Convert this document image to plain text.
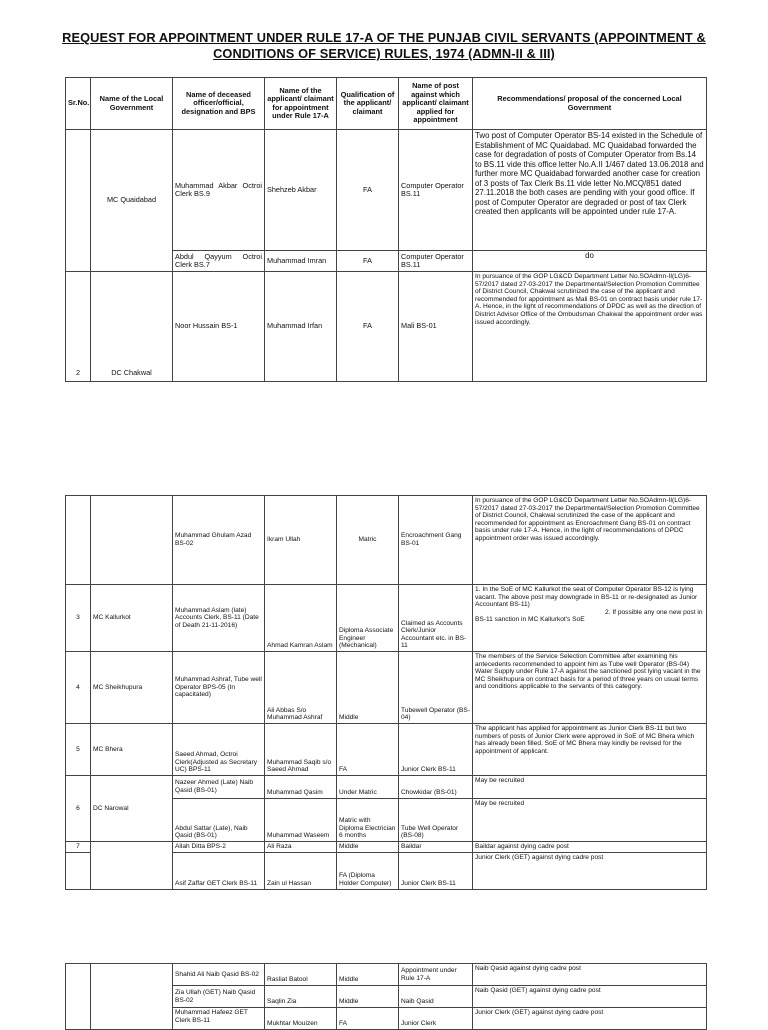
REQUEST FOR APPOINTMENT UNDER RULE 17-A OF THE PUNJAB CIVIL SERVANTS (APPOINTMENT &
CONDITIONS OF SERVICE) RULES, 1974 (ADMN-II & III)
Sr.No.	Name of the Local Government	Name of deceased officer/official, designation and BPS	Name of the applicant/ claimant for appointment under Rule 17-A	Qualification of the applicant/ claimant	Name of post against which applicant/ claimant applied for appointment	Recommendations/ proposal of the concerned Local Government
	MC Quaidabad	Muhammad Akbar Octroi Clerk BS.9	Shehzeb Akbar	FA	Computer Operator BS.11	Two post of Computer Operator BS-14 existed in the Schedule of Establishment of MC Quaidabad. MC Quaidabad forwarded the case for degradation of posts of Computer Operator from Bs.14 to BS.11 vide this office letter No.A.II 1/467 dated 13.06.2018 and further more MC Quaidabad forwarded another case for creation of 3 posts of Tax Clerk Bs.11 vide letter No.MCQ/851 dated 27.11.2018 the both cases are pending with your good office. If post of Computer Operator are degraded or post of tax Clerk created then applicants will be appointed under rule 17-A.
		Abdul Qayyum Octroi Clerk BS.7	Muhammad Imran	FA	Computer Operator BS.11	do
2	DC Chakwal	Noor Hussain BS-1	Muhammad Irfan	FA	Mali BS-01	In pursuance of the GOP LG&CD Department Letter No.SOAdmn-II(LG)6-57/2017 dated 27-03-2017 the Departmental/Selection Promotion Committee of District Council, Chakwal scrutinized the case of the applicant and recommended for appointment as Mali BS-01 on contract basis under rule 17-A. Hence, in the light of recommendations of DPDC as well as the direction of District Advisor Office of the Ombudsman Chakwal the appointment order was issued accordingly.
		Muhammad Ghulam Azad BS-02	Ikram Ullah	Matric	Encroachment Gang BS-01	In pursuance of the GOP LG&CD Department Letter No.SOAdmn-II(LG)6-57/2017 dated 27-03-2017 the Departmental/Selection Promotion Committee of District Council, Chakwal scrutinized the case of the applicant and recommended for appointment as Encroachment Gang BS-01 on contract basis under rule 17-A. Hence, in the light of recommendations of DPDC appointment order was issued accordingly.
3	MC Kallurkot	Muhammad Aslam (late) Accounts Clerk, BS-11 (Date of Death 21-11-2016)	Ahmad Kamran Aslam	Diploma Associate Engineer (Mechanical)	Claimed as Accounts Clerk/Junior Accountant etc. in BS-11	1. In the SoE of MC Kallurkot the seat of Computer Operator BS-12 is lying vacant. The above post may downgrade in BS-11 or re-designated as Junior Accountant BS-11)
2. If possible any one new post in BS-11 sanction in MC Kallurkot's SoE

4	MC Sheikhupura	Muhammad Ashraf, Tube well Operator BPS-05 (In capacitated)	Ali Abbas S/o Muhammad Ashraf	Middle	Tubewell Operator (BS-04)	The members of the Service Selection Committee after examining his antecedents recommended to appoint him as Tube well Operator (BS-04) Water Supply under Rule 17-A against the sanctioned post lying vacant in the MC Sheikhupura on contract basis for a period of three years on usual terms and conditions applicable to the servants of this category.
5	MC Bhera	Saeed Ahmad, Octroi Clerk(Adjusted as Secretary UC) BPS-11	Muhammad Saqib s/o Saeed Ahmad	FA	Junior Clerk BS-11	The applicant has applied for appointment as Junior Clerk BS-11 but two numbers of posts of Junior Clerk were approved in SoE of MC Bhera which has already been filled. SoE of MC Bhera may kindly be revised for the appointment of applicant.
6	DC Narowal	Nazeer Ahmed (Late) Naib Qasid (BS-01)	Muhammad Qasim	Under Matric	Chowkidar (BS-01)	May be recruited
		Abdul Sattar (Late), Naib Qasid (BS-01)	Muhammad Waseem	Matric with Diploma Electrician 6 months	Tube Well Operator (BS-08)	May be recruited
7		Allah Ditta BPS-2	Ali Raza	Middle	Baildar	Baildar against dying cadre post
		Asif Zaffar GET Clerk BS-11	Zain ul Hassan	FA (Diploma Holder Computer)	Junior Clerk BS-11	Junior Clerk (GET) against dying cadre post
		Shahid Ali Naib Qasid BS-02	Rasliat Batool	Middle	Appointment under Rule 17-A	Naib Qasid against dying cadre post
		Zia Ullah (GET) Naib Qasid BS-02	Saqlin Zia	Middle	Naib Qasid	Naib Qasid (GET) against dying cadre post
		Muhammad Hafeez GET Clerk BS-11	Mukhtar Mouizen	FA	Junior Clerk	Junior Clerk (GET) against dying cadre post
